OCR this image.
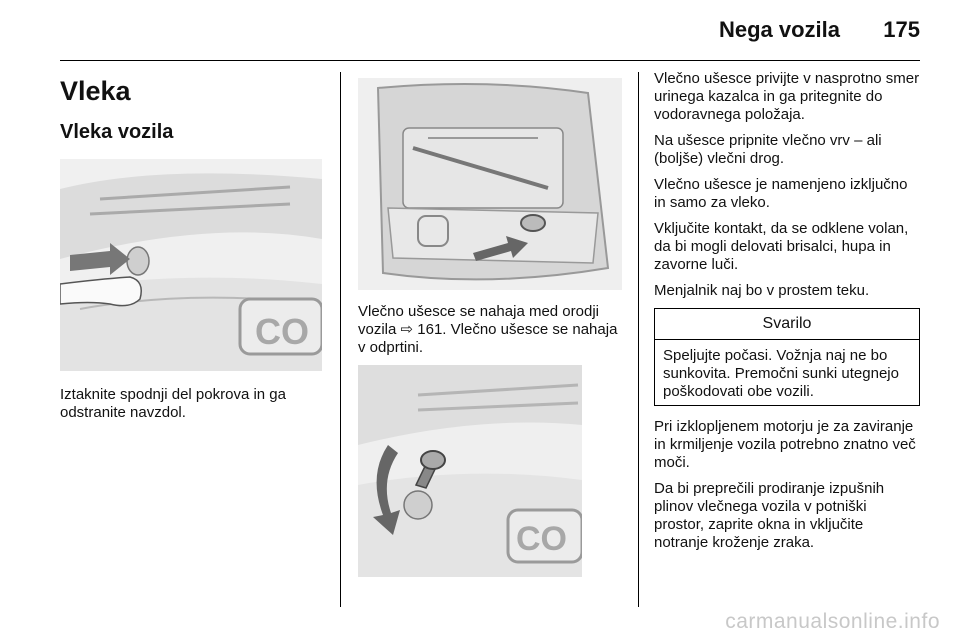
Nega vozila 175
Vleka
Vleka vozila
CO

Iztaknite spodnji del pokrova in ga odstranite navzdol.

Vlečno ušesce se nahaja med orodji vozila ⇨ 161. Vlečno ušesce se nahaja v odprtini.

CO

Vlečno ušesce privijte v nasprotno smer urinega kazalca in ga pritegnite do vodoravnega položaja.

Na ušesce pripnite vlečno vrv – ali (boljše) vlečni drog.

Vlečno ušesce je namenjeno izključno in samo za vleko.

Vključite kontakt, da se odklene volan, da bi mogli delovati brisalci, hupa in zavorne luči.

Menjalnik naj bo v prostem teku.

Svarilo

Speljujte počasi. Vožnja naj ne bo sunkovita. Premočni sunki utegnejo poškodovati obe vozili.

Pri izklopljenem motorju je za zaviranje in krmiljenje vozila potrebno znatno več moči.

Da bi preprečili prodiranje izpušnih plinov vlečnega vozila v potniški prostor, zaprite okna in vključite notranje kroženje zraka.

carmanualsonline.info
